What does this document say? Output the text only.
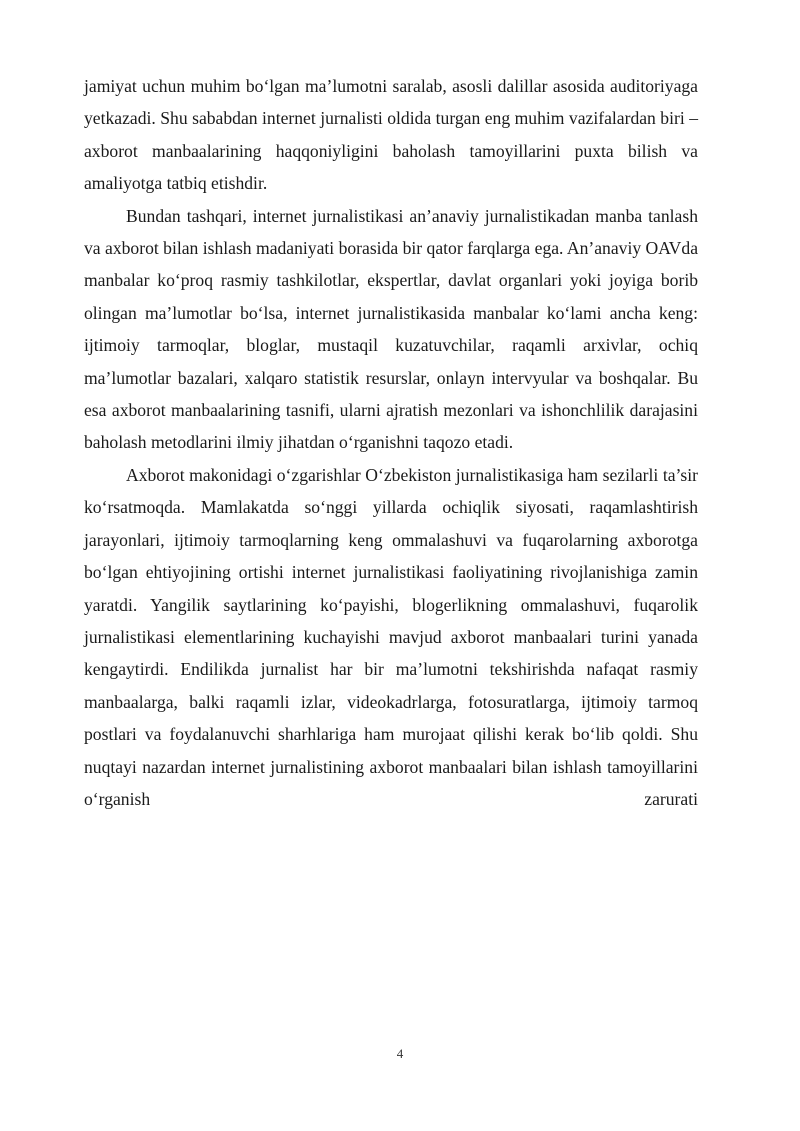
jamiyat uchun muhim bo‘lgan ma’lumotni saralab, asosli dalillar asosida auditoriyaga yetkazadi. Shu sababdan internet jurnalisti oldida turgan eng muhim vazifalardan biri – axborot manbaalarining haqqoniyligini baholash tamoyillarini puxta bilish va amaliyotga tatbiq etishdir.

Bundan tashqari, internet jurnalistikasi an’anaviy jurnalistikadan manba tanlash va axborot bilan ishlash madaniyati borasida bir qator farqlarga ega. An’anaviy OAVda manbalar ko‘proq rasmiy tashkilotlar, ekspertlar, davlat organlari yoki joyiga borib olingan ma’lumotlar bo‘lsa, internet jurnalistikasida manbalar ko‘lami ancha keng: ijtimoiy tarmoqlar, bloglar, mustaqil kuzatuvchilar, raqamli arxivlar, ochiq ma’lumotlar bazalari, xalqaro statistik resurslar, onlayn intervyular va boshqalar. Bu esa axborot manbaalarining tasnifi, ularni ajratish mezonlari va ishonchlilik darajasini baholash metodlarini ilmiy jihatdan o‘rganishni taqozo etadi.

Axborot makonidagi o‘zgarishlar O‘zbekiston jurnalistikasiga ham sezilarli ta’sir ko‘rsatmoqda. Mamlakatda so‘nggi yillarda ochiqlik siyosati, raqamlashtirish jarayonlari, ijtimoiy tarmoqlarning keng ommalashuvi va fuqarolarning axborotga bo‘lgan ehtiyojining ortishi internet jurnalistikasi faoliyatining rivojlanishiga zamin yaratdi. Yangilik saytlarining ko‘payishi, blogerlikning ommalashuvi, fuqarolik jurnalistikasi elementlarining kuchayishi mavjud axborot manbaalari turini yanada kengaytirdi. Endilikda jurnalist har bir ma’lumotni tekshirishda nafaqat rasmiy manbaalarga, balki raqamli izlar, videokadrlarga, fotosuratlarga, ijtimoiy tarmoq postlari va foydalanuvchi sharhlariga ham murojaat qilishi kerak bo‘lib qoldi. Shu nuqtayi nazardan internet jurnalistining axborot manbaalari bilan ishlash tamoyillarini o‘rganish zarurati

4
